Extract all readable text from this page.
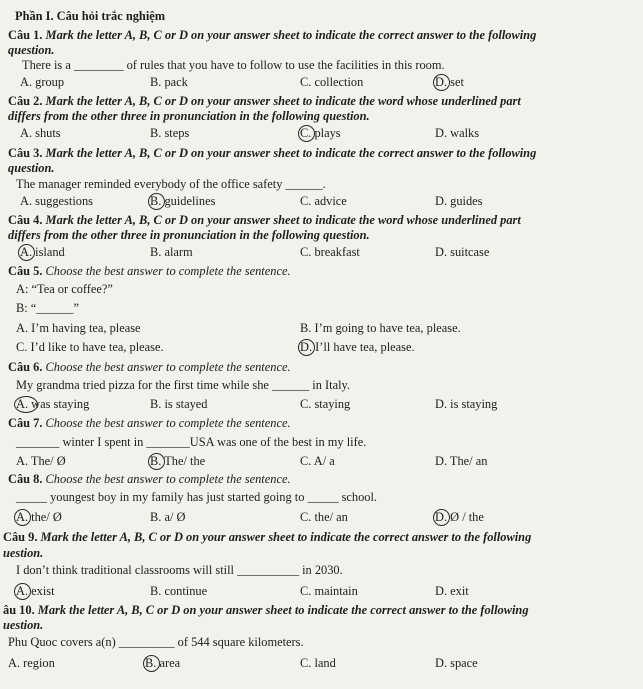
Phần I. Câu hỏi trắc nghiệm
Câu 1. Mark the letter A, B, C or D on your answer sheet to indicate the correct answer to the following
question.
There is a ________ of rules that you have to follow to use the facilities in this room.
A. group	B. pack	C. collection	D. set
Câu 2. Mark the letter A, B, C or D on your answer sheet to indicate the word whose underlined part
differs from the other three in pronunciation in the following question.
A. shuts	B. steps	C. plays	D. walks
Câu 3. Mark the letter A, B, C or D on your answer sheet to indicate the correct answer to the following
question.
The manager reminded everybody of the office safety ______.
A. suggestions	B. guidelines	C. advice	D. guides
Câu 4. Mark the letter A, B, C or D on your answer sheet to indicate the word whose underlined part
differs from the other three in pronunciation in the following question.
A. island	B. alarm	C. breakfast	D. suitcase
Câu 5. Choose the best answer to complete the sentence.
A: “Tea or coffee?”
B: “______”
A. I’m having tea, please	B. I’m going to have tea, please.
C. I’d like to have tea, please.	D. I’ll have tea, please.
Câu 6. Choose the best answer to complete the sentence.
My grandma tried pizza for the first time while she ______ in Italy.
A. was staying	B. is stayed	C. staying	D. is staying
Câu 7. Choose the best answer to complete the sentence.
_______ winter I spent in _______USA was one of the best in my life.
A. The/ Ø	B. The/ the	C. A/ a	D. The/ an
Câu 8. Choose the best answer to complete the sentence.
_____ youngest boy in my family has just started going to _____ school.
A. the/ Ø	B. a/ Ø	C. the/ an	D. Ø / the
Câu 9. Mark the letter A, B, C or D on your answer sheet to indicate the correct answer to the following
uestion.
I don’t think traditional classrooms will still __________ in 2030.
A. exist	B. continue	C. maintain	D. exit
âu 10. Mark the letter A, B, C or D on your answer sheet to indicate the correct answer to the following
uestion.
Phu Quoc covers a(n) _________ of 544 square kilometers.
A. region	B. area	C. land	D. space
